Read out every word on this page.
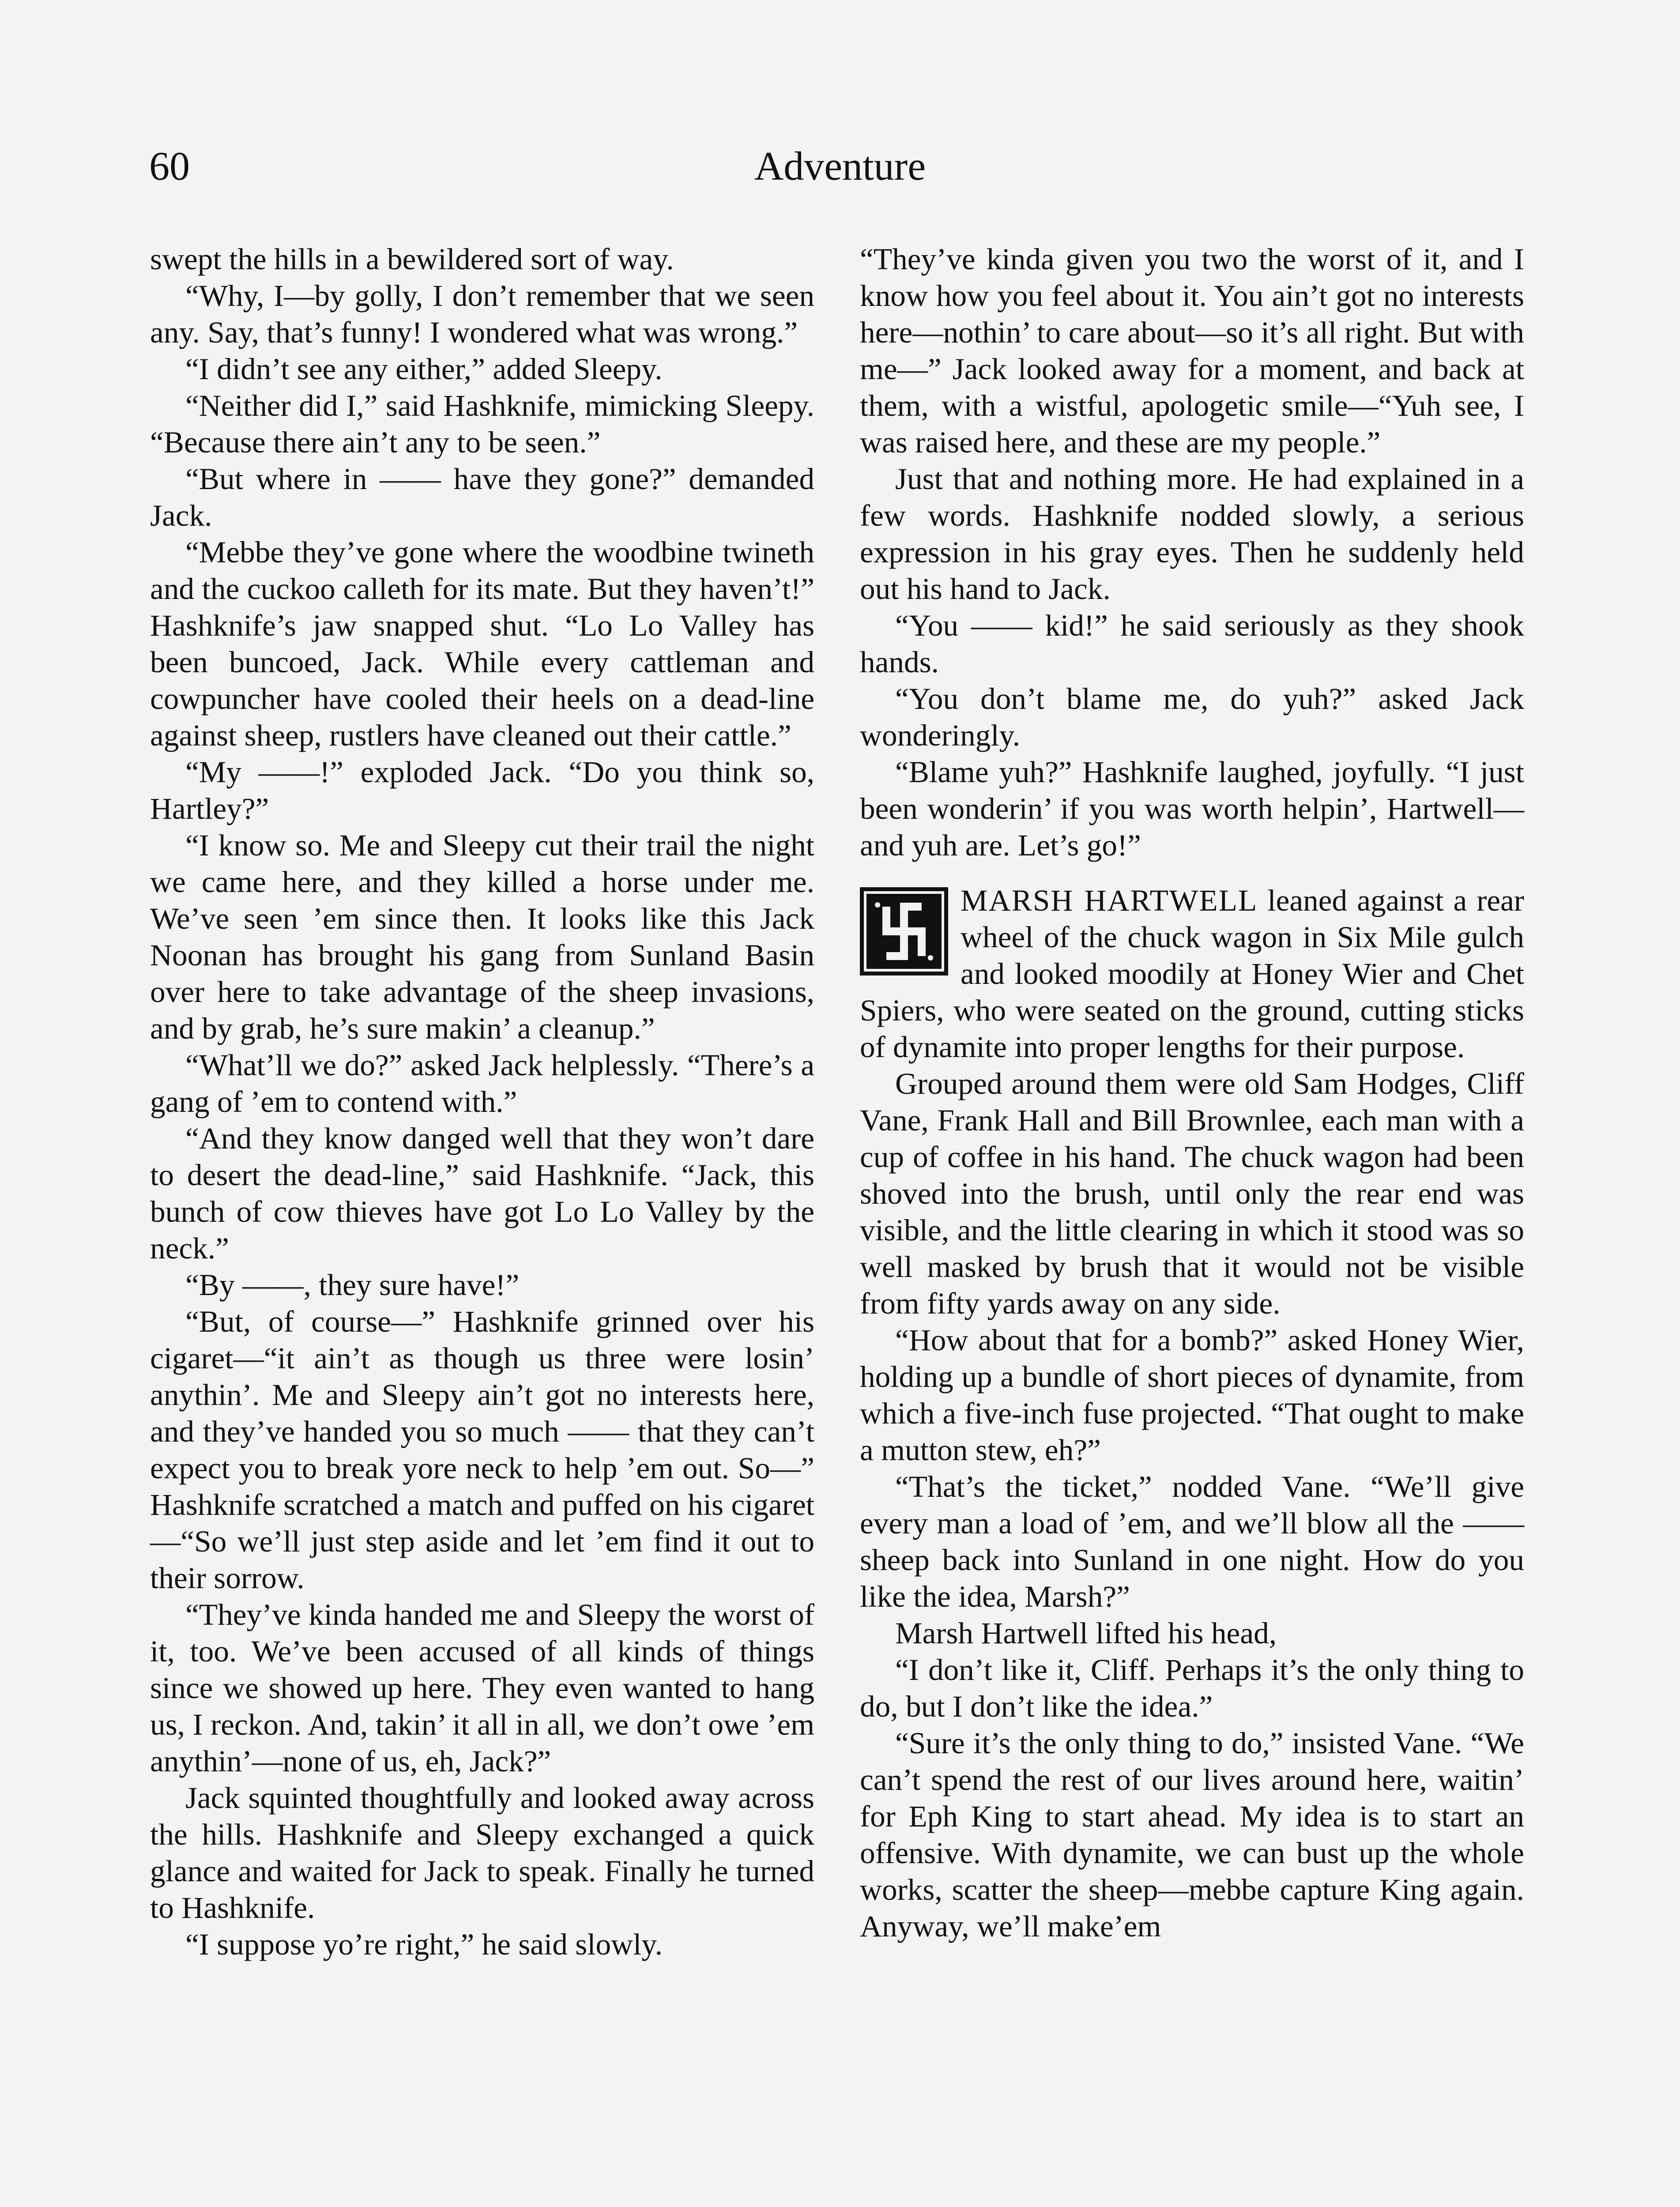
60	Adventure

swept the hills in a bewildered sort of way.

“Why, I—by golly, I don’t remember that we seen any. Say, that’s funny! I wondered what was wrong.”

“I didn’t see any either,” added Sleepy.

“Neither did I,” said Hashknife, mimicking Sleepy. “Because there ain’t any to be seen.”

“But where in —— have they gone?” demanded Jack.

“Mebbe they’ve gone where the woodbine twineth and the cuckoo calleth for its mate. But they haven’t!” Hashknife’s jaw snapped shut. “Lo Lo Valley has been buncoed, Jack. While every cattleman and cowpuncher have cooled their heels on a dead-line against sheep, rustlers have cleaned out their cattle.”

“My ——!” exploded Jack. “Do you think so, Hartley?”

“I know so. Me and Sleepy cut their trail the night we came here, and they killed a horse under me. We’ve seen ’em since then. It looks like this Jack Noonan has brought his gang from Sunland Basin over here to take advantage of the sheep invasions, and by grab, he’s sure makin’ a cleanup.”

“What’ll we do?” asked Jack helplessly. “There’s a gang of ’em to contend with.”

“And they know danged well that they won’t dare to desert the dead-line,” said Hashknife. “Jack, this bunch of cow thieves have got Lo Lo Valley by the neck.”

“By ——, they sure have!”

“But, of course—” Hashknife grinned over his cigaret—“it ain’t as though us three were losin’ anythin’. Me and Sleepy ain’t got no interests here, and they’ve handed you so much —— that they can’t expect you to break yore neck to help ’em out. So—” Hashknife scratched a match and puffed on his cigaret—“So we’ll just step aside and let ’em find it out to their sorrow.

“They’ve kinda handed me and Sleepy the worst of it, too. We’ve been accused of all kinds of things since we showed up here. They even wanted to hang us, I reckon. And, takin’ it all in all, we don’t owe ’em anythin’—none of us, eh, Jack?”

Jack squinted thoughtfully and looked away across the hills. Hashknife and Sleepy exchanged a quick glance and waited for Jack to speak. Finally he turned to Hashknife.

“I suppose yo’re right,” he said slowly.

“They’ve kinda given you two the worst of it, and I know how you feel about it. You ain’t got no interests here—nothin’ to care about—so it’s all right. But with me—” Jack looked away for a moment, and back at them, with a wistful, apologetic smile—“Yuh see, I was raised here, and these are my people.”

Just that and nothing more. He had explained in a few words. Hashknife nodded slowly, a serious expression in his gray eyes. Then he suddenly held out his hand to Jack.

“You —— kid!” he said seriously as they shook hands.

“You don’t blame me, do yuh?” asked Jack wonderingly.

“Blame yuh?” Hashknife laughed, joyfully. “I just been wonderin’ if you was worth helpin’, Hartwell—and yuh are. Let’s go!”

MARSH HARTWELL leaned against a rear wheel of the chuck wagon in Six Mile gulch and looked moodily at Honey Wier and Chet Spiers, who were seated on the ground, cutting sticks of dynamite into proper lengths for their purpose.

Grouped around them were old Sam Hodges, Cliff Vane, Frank Hall and Bill Brownlee, each man with a cup of coffee in his hand. The chuck wagon had been shoved into the brush, until only the rear end was visible, and the little clearing in which it stood was so well masked by brush that it would not be visible from fifty yards away on any side.

“How about that for a bomb?” asked Honey Wier, holding up a bundle of short pieces of dynamite, from which a five-inch fuse projected. “That ought to make a mutton stew, eh?”

“That’s the ticket,” nodded Vane. “We’ll give every man a load of ’em, and we’ll blow all the —— sheep back into Sunland in one night. How do you like the idea, Marsh?”

Marsh Hartwell lifted his head,

“I don’t like it, Cliff. Perhaps it’s the only thing to do, but I don’t like the idea.”

“Sure it’s the only thing to do,” insisted Vane. “We can’t spend the rest of our lives around here, waitin’ for Eph King to start ahead. My idea is to start an offensive. With dynamite, we can bust up the whole works, scatter the sheep—mebbe capture King again. Anyway, we’ll make’em
